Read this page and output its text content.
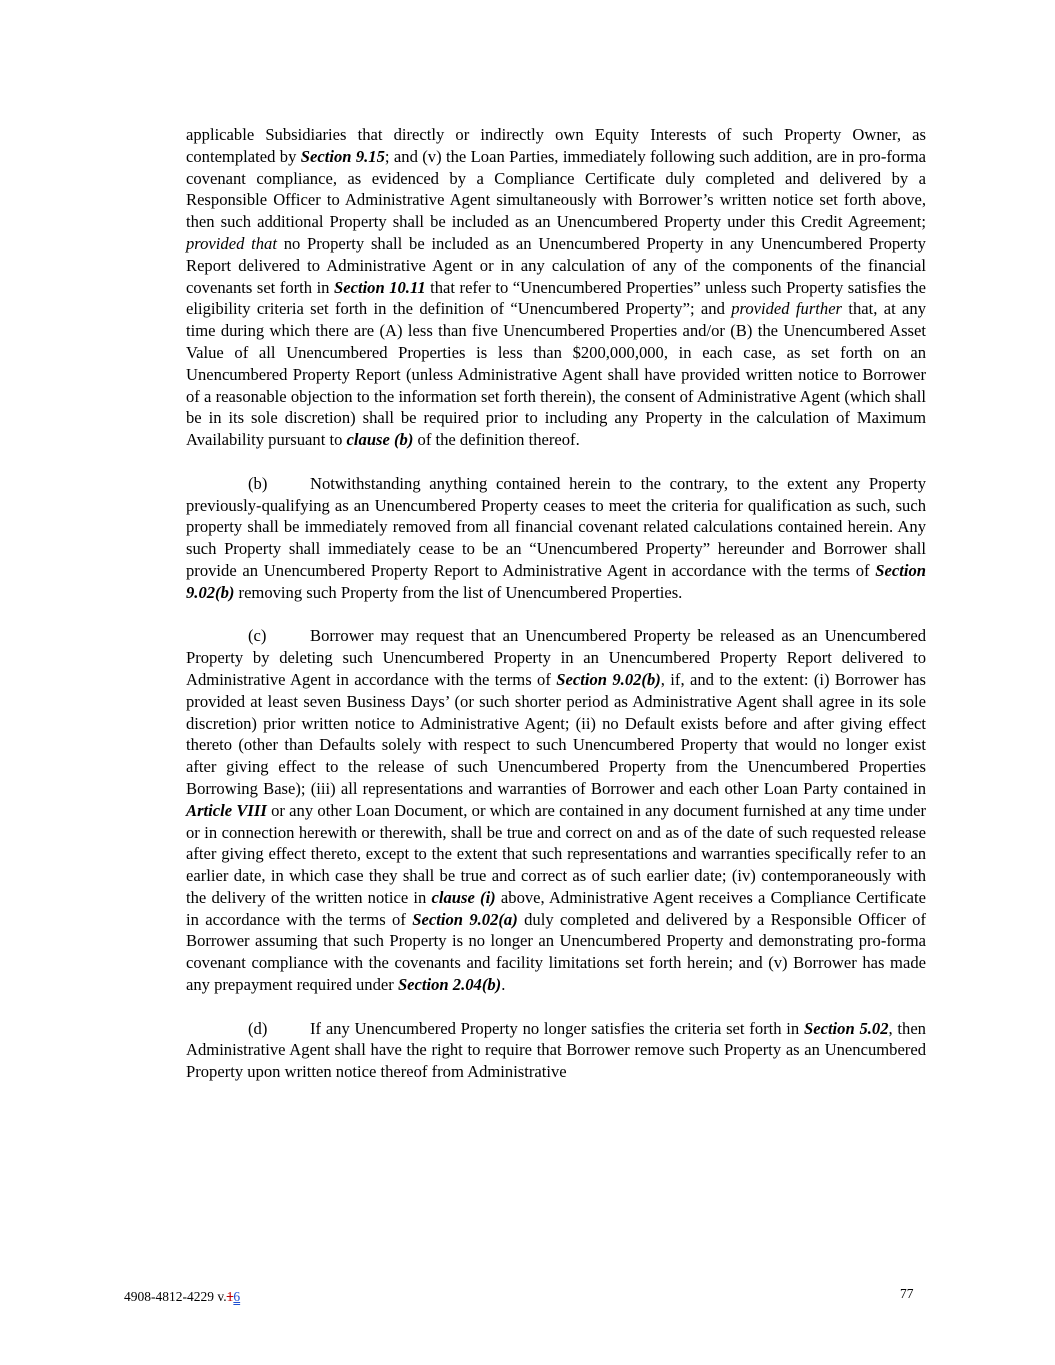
applicable Subsidiaries that directly or indirectly own Equity Interests of such Property Owner, as contemplated by Section 9.15; and (v) the Loan Parties, immediately following such addition, are in pro-forma covenant compliance, as evidenced by a Compliance Certificate duly completed and delivered by a Responsible Officer to Administrative Agent simultaneously with Borrower’s written notice set forth above, then such additional Property shall be included as an Unencumbered Property under this Credit Agreement; provided that no Property shall be included as an Unencumbered Property in any Unencumbered Property Report delivered to Administrative Agent or in any calculation of any of the components of the financial covenants set forth in Section 10.11 that refer to “Unencumbered Properties” unless such Property satisfies the eligibility criteria set forth in the definition of “Unencumbered Property”; and provided further that, at any time during which there are (A) less than five Unencumbered Properties and/or (B) the Unencumbered Asset Value of all Unencumbered Properties is less than $200,000,000, in each case, as set forth on an Unencumbered Property Report (unless Administrative Agent shall have provided written notice to Borrower of a reasonable objection to the information set forth therein), the consent of Administrative Agent (which shall be in its sole discretion) shall be required prior to including any Property in the calculation of Maximum Availability pursuant to clause (b) of the definition thereof.

(b)	Notwithstanding anything contained herein to the contrary, to the extent any Property previously-qualifying as an Unencumbered Property ceases to meet the criteria for qualification as such, such property shall be immediately removed from all financial covenant related calculations contained herein. Any such Property shall immediately cease to be an “Unencumbered Property” hereunder and Borrower shall provide an Unencumbered Property Report to Administrative Agent in accordance with the terms of Section 9.02(b) removing such Property from the list of Unencumbered Properties.

(c)	Borrower may request that an Unencumbered Property be released as an Unencumbered Property by deleting such Unencumbered Property in an Unencumbered Property Report delivered to Administrative Agent in accordance with the terms of Section 9.02(b), if, and to the extent: (i) Borrower has provided at least seven Business Days’ (or such shorter period as Administrative Agent shall agree in its sole discretion) prior written notice to Administrative Agent; (ii) no Default exists before and after giving effect thereto (other than Defaults solely with respect to such Unencumbered Property that would no longer exist after giving effect to the release of such Unencumbered Property from the Unencumbered Properties Borrowing Base); (iii) all representations and warranties of Borrower and each other Loan Party contained in Article VIII or any other Loan Document, or which are contained in any document furnished at any time under or in connection herewith or therewith, shall be true and correct on and as of the date of such requested release after giving effect thereto, except to the extent that such representations and warranties specifically refer to an earlier date, in which case they shall be true and correct as of such earlier date; (iv) contemporaneously with the delivery of the written notice in clause (i) above, Administrative Agent receives a Compliance Certificate in accordance with the terms of Section 9.02(a) duly completed and delivered by a Responsible Officer of Borrower assuming that such Property is no longer an Unencumbered Property and demonstrating pro-forma covenant compliance with the covenants and facility limitations set forth herein; and (v) Borrower has made any prepayment required under Section 2.04(b).

(d)	If any Unencumbered Property no longer satisfies the criteria set forth in Section 5.02, then Administrative Agent shall have the right to require that Borrower remove such Property as an Unencumbered Property upon written notice thereof from Administrative

4908-4812-4229 v.16	77
